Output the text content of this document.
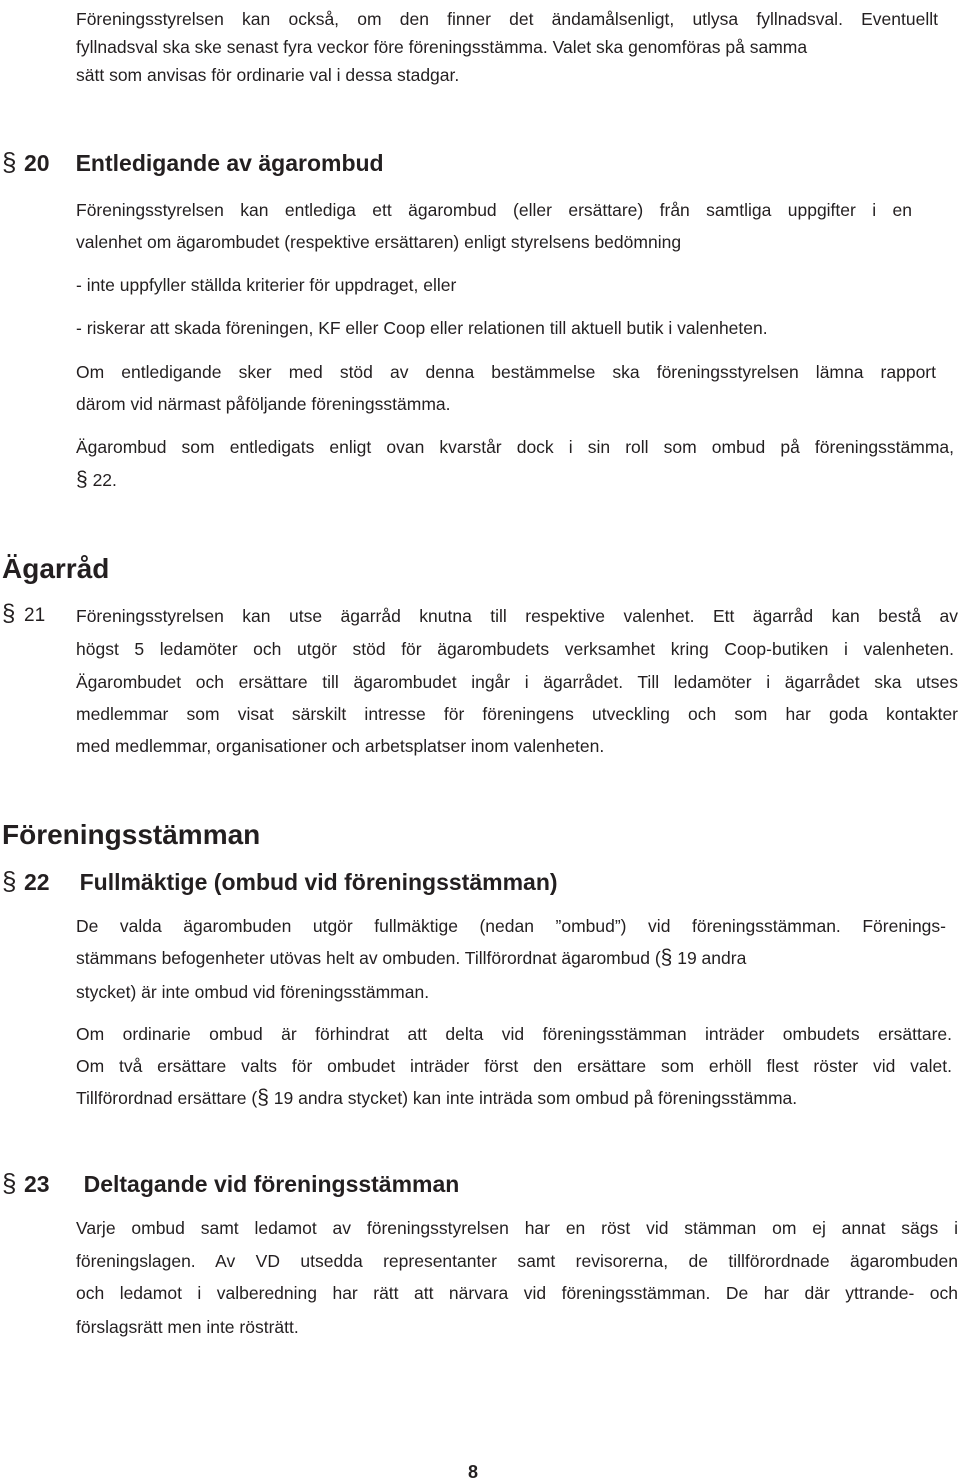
Föreningsstyrelsen kan också, om den finner det ändamålsenligt, utlysa fyllnadsval. Eventuellt
fyllnadsval ska ske senast fyra veckor före föreningsstämma. Valet ska genomföras på samma
sätt som anvisas för ordinarie val i dessa stadgar.
§ 20 Entledigande av ägarombud
Föreningsstyrelsen kan entlediga ett ägarombud (eller ersättare) från samtliga uppgifter i en
valenhet om ägarombudet (respektive ersättaren) enligt styrelsens bedömning
- inte uppfyller ställda kriterier för uppdraget, eller
- riskerar att skada föreningen, KF eller Coop eller relationen till aktuell butik i valenheten.
Om entledigande sker med stöd av denna bestämmelse ska föreningsstyrelsen lämna rapport
därom vid närmast påföljande föreningsstämma.
Ägarombud som entledigats enligt ovan kvarstår dock i sin roll som ombud på föreningsstämma,
§ 22.
Ägarråd
§ 21 Föreningsstyrelsen kan utse ägarråd knutna till respektive valenhet. Ett ägarråd kan bestå av
högst 5 ledamöter och utgör stöd för ägarombudets verksamhet kring Coop-butiken i valenheten.
Ägarombudet och ersättare till ägarombudet ingår i ägarrådet. Till ledamöter i ägarrådet ska utses
medlemmar som visat särskilt intresse för föreningens utveckling och som har goda kontakter
med medlemmar, organisationer och arbetsplatser inom valenheten.
Föreningsstämman
§ 22 Fullmäktige (ombud vid föreningsstämman)
De valda ägarombuden utgör fullmäktige (nedan ”ombud”) vid föreningsstämman. Förenings-
stämmans befogenheter utövas helt av ombuden. Tillförordnat ägarombud (§ 19 andra
stycket) är inte ombud vid föreningsstämman.
Om ordinarie ombud är förhindrat att delta vid föreningsstämman inträder ombudets ersättare.
Om två ersättare valts för ombudet inträder först den ersättare som erhöll flest röster vid valet.
Tillförordnad ersättare (§ 19 andra stycket) kan inte inträda som ombud på föreningsstämma.
§ 23 Deltagande vid föreningsstämman
Varje ombud samt ledamot av föreningsstyrelsen har en röst vid stämman om ej annat sägs i
föreningslagen. Av VD utsedda representanter samt revisorerna, de tillförordnade ägarombuden
och ledamot i valberedning har rätt att närvara vid föreningsstämman. De har där yttrande- och
förslagsrätt men inte rösträtt.
8
